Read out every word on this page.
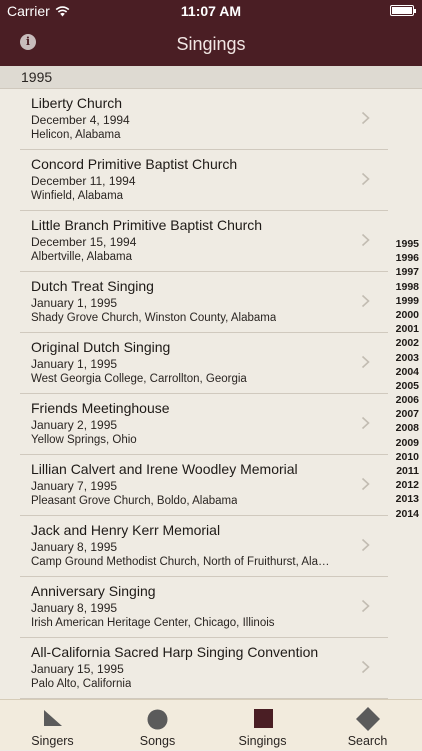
Carrier	11:07 AM
i	Singings
1995
Liberty Church
December 4, 1994
Helicon, Alabama
Concord Primitive Baptist Church
December 11, 1994
Winfield, Alabama
Little Branch Primitive Baptist Church
December 15, 1994
Albertville, Alabama
Dutch Treat Singing
January 1, 1995
Shady Grove Church, Winston County, Alabama
Original Dutch Singing
January 1, 1995
West Georgia College, Carrollton, Georgia
Friends Meetinghouse
January 2, 1995
Yellow Springs, Ohio
Lillian Calvert and Irene Woodley Memorial
January 7, 1995
Pleasant Grove Church, Boldo, Alabama
Jack and Henry Kerr Memorial
January 8, 1995
Camp Ground Methodist Church, North of Fruithurst, Ala…
Anniversary Singing
January 8, 1995
Irish American Heritage Center, Chicago, Illinois
All-California Sacred Harp Singing Convention
January 15, 1995
Palo Alto, California
1995
1996
1997
1998
1999
2000
2001
2002
2003
2004
2005
2006
2007
2008
2009
2010
2011
2012
2013
2014
Singers	Songs	Singings	Search
